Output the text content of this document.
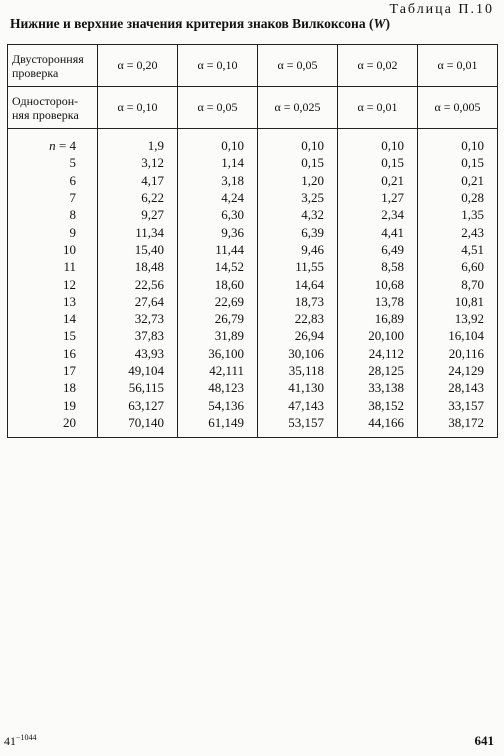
Таблица П.10
Нижние и верхние значения критерия знаков Вилкоксона (W)
Двусторонняя
проверка	α = 0,20	α = 0,10	α = 0,05	α = 0,02	α = 0,01
Односторон-
няя проверка	α = 0,10	α = 0,05	α = 0,025	α = 0,01	α = 0,005
n = 4	1,9	0,10	0,10	0,10	0,10
5	3,12	1,14	0,15	0,15	0,15
6	4,17	3,18	1,20	0,21	0,21
7	6,22	4,24	3,25	1,27	0,28
8	9,27	6,30	4,32	2,34	1,35
9	11,34	9,36	6,39	4,41	2,43
10	15,40	11,44	9,46	6,49	4,51
11	18,48	14,52	11,55	8,58	6,60
12	22,56	18,60	14,64	10,68	8,70
13	27,64	22,69	18,73	13,78	10,81
14	32,73	26,79	22,83	16,89	13,92
15	37,83	31,89	26,94	20,100	16,104
16	43,93	36,100	30,106	24,112	20,116
17	49,104	42,111	35,118	28,125	24,129
18	56,115	48,123	41,130	33,138	28,143
19	63,127	54,136	47,143	38,152	33,157
20	70,140	61,149	53,157	44,166	38,172
$41^{-1044}$	641
